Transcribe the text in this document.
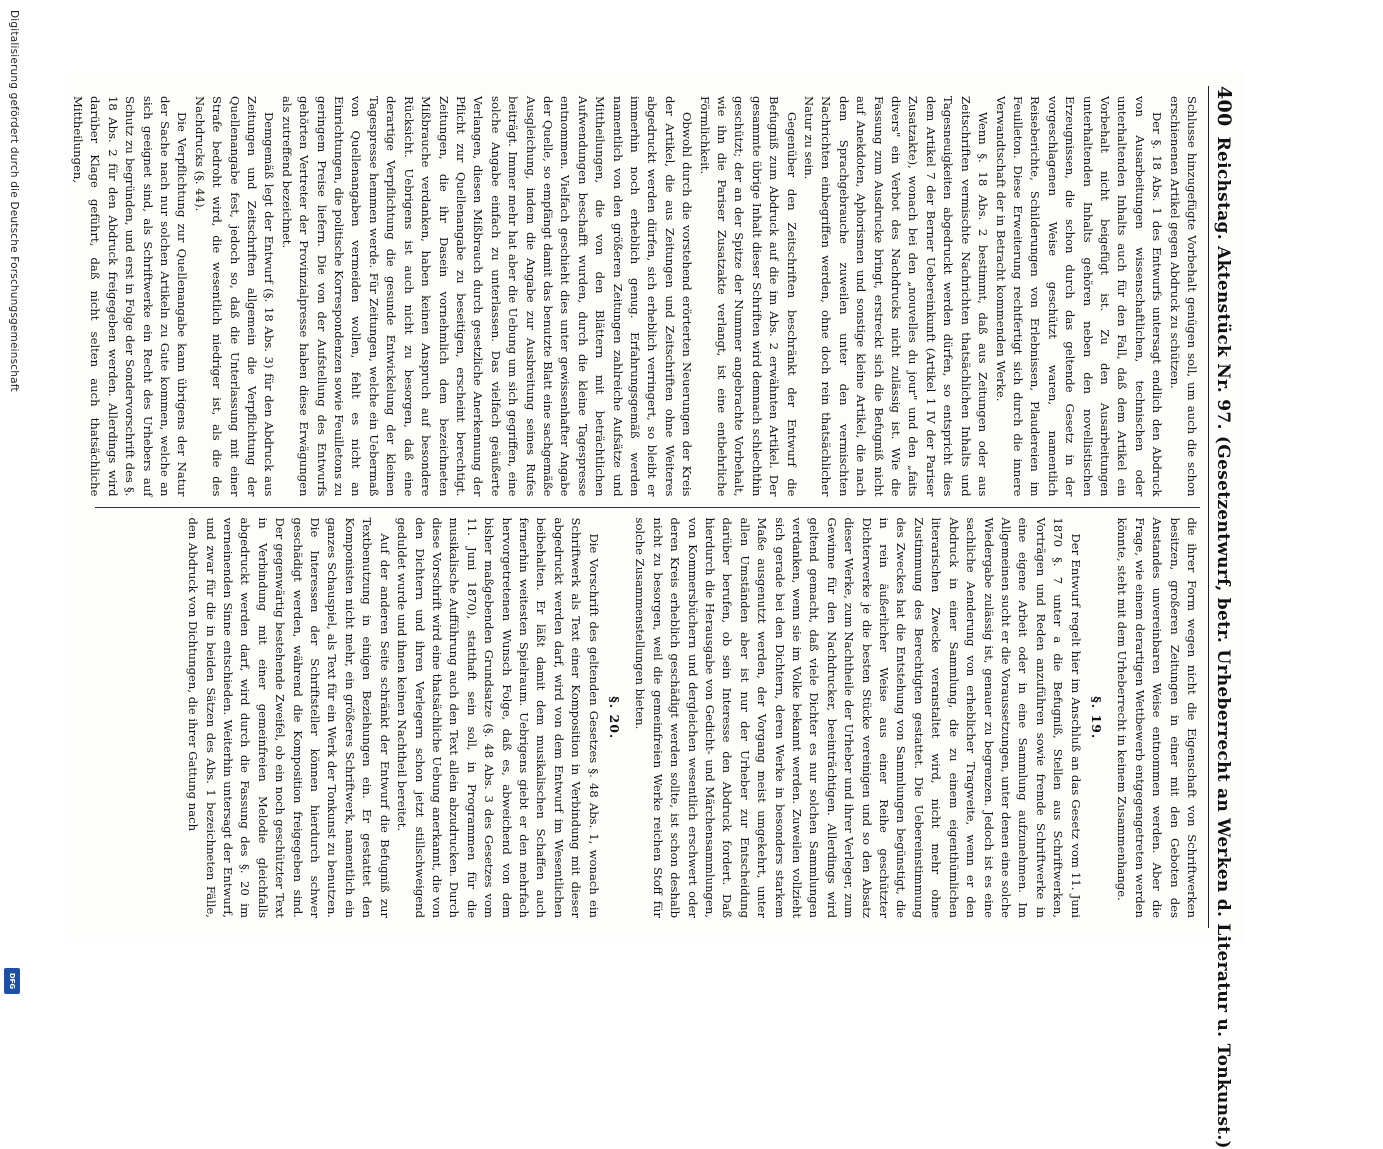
Digitalisierung gefördert durch die Deutsche Forschungsgemeinschaft
DFG
400
Reichstag. Aktenstück Nr. 97. (Gesetzentwurf, betr. Urheberrecht an Werken d. Literatur u. Tonkunst.)

Schlusse hinzugefügte Vorbehalt genügen soll, um auch die schon erschienenen Artikel gegen Abdruck zu schützen.

Der §. 18 Abs. 1 des Entwurfs untersagt endlich den Abdruck von Ausarbeitungen wissenschaftlichen, technischen oder unterhaltenden Inhalts auch für den Fall, daß dem Artikel ein Vorbehalt nicht beigefügt ist. Zu den Ausarbeitungen unterhaltenden Inhalts gehören neben den novellistischen Erzeugnissen, die schon durch das geltende Gesetz in der vorgeschlagenen Weise geschützt waren, namentlich Reiseberichte, Schilderungen von Erlebnissen, Plaudereien im Feuilleton. Diese Erweiterung rechtfertigt sich durch die innere Verwandtschaft der in Betracht kommenden Werke.

Wenn §. 18 Abs. 2 bestimmt, daß aus Zeitungen oder aus Zeitschriften vermischte Nachrichten thatsächlichen Inhalts und Tagesneuigkeiten abgedruckt werden dürfen, so entspricht dies dem Artikel 7 der Berner Uebereinkunft (Artikel 1 IV der Pariser Zusatzakte), wonach bei den „nouvelles du jour" und den „faits divers" ein Verbot des Nachdrucks nicht zulässig ist. Wie die Fassung zum Ausdrucke bringt, erstreckt sich die Befugniß nicht auf Anekdoten, Aphorismen und sonstige kleine Artikel, die nach dem Sprachgebrauche zuweilen unter den vermischten Nachrichten einbegriffen werden, ohne doch rein thatsächlicher Natur zu sein.

Gegenüber den Zeitschriften beschränkt der Entwurf die Befugniß zum Abdruck auf die im Abs. 2 erwähnten Artikel. Der gesammte übrige Inhalt dieser Schriften wird demnach schlechthin geschützt; der an der Spitze der Nummer angebrachte Vorbehalt, wie ihn die Pariser Zusatzakte verlangt, ist eine entbehrliche Förmlichkeit.

Obwohl durch die vorstehend erörterten Neuerungen der Kreis der Artikel, die aus Zeitungen und Zeitschriften ohne Weiteres abgedruckt werden dürfen, sich erheblich verringert, so bleibt er immerhin noch erheblich genug. Erfahrungsgemäß werden namentlich von den größeren Zeitungen zahlreiche Aufsätze und Mittheilungen, die von den Blättern mit beträchtlichen Aufwendungen beschafft wurden, durch die kleine Tagespresse entnommen. Vielfach geschieht dies unter gewissenhafter Angabe der Quelle, so empfängt damit das benutzte Blatt eine sachgemäße Ausgleichung, indem die Angabe zur Ausbreitung seines Rufes beiträgt. Immer mehr hat aber die Uebung um sich gegriffen, eine solche Angabe einfach zu unterlassen. Das vielfach geäußerte Verlangen, diesen Mißbrauch durch gesetzliche Anerkennung der Pflicht zur Quellenangabe zu beseitigen, erscheint berechtigt. Zeitungen, die ihr Dasein vornehmlich dem bezeichneten Mißbrauche verdanken, haben keinen Anspruch auf besondere Rücksicht. Uebrigens ist auch nicht zu besorgen, daß eine derartige Verpflichtung die gesunde Entwickelung der kleinen Tagespresse hemmen werde. Für Zeitungen, welche ein Uebermaß von Quellenangaben vermeiden wollen, fehlt es nicht an Einrichtungen, die politische Korrespondenzen sowie Feuilletons zu geringem Preise liefern. Die von der Aufstellung des Entwurfs gehörten Vertreter der Provinzialpresse haben diese Erwägungen als zutreffend bezeichnet.

Demgemäß legt der Entwurf (§. 18 Abs. 3) für den Abdruck aus Zeitungen und Zeitschriften allgemein die Verpflichtung der Quellenangabe fest, jedoch so, daß die Unterlassung mit einer Strafe bedroht wird, die wesentlich niedriger ist, als die des Nachdrucks (§. 44).

Die Verpflichtung zur Quellenangabe kann übrigens der Natur der Sache nach nur solchen Artikeln zu Gute kommen, welche an sich geeignet sind, als Schriftwerke ein Recht des Urhebers auf Schutz zu begründen, und erst in Folge der Sondervorschrift des §. 18 Abs. 2 für den Abdruck freigegeben werden. Allerdings wird darüber Klage geführt, daß nicht selten auch thatsächliche Mittheilungen,

die ihrer Form wegen nicht die Eigenschaft von Schriftwerken besitzen, großeren Zeitungen in einer mit den Geboten des Anstandes unvereinbaren Weise entnommen werden. Aber die Frage, wie einem derartigen Wettbewerb entgegengetreten werden könnte, steht mit dem Urheberrecht in keinem Zusammenhange.

§. 19.

Der Entwurf regelt hier im Anschluß an das Gesetz vom 11. Juni 1870 §. 7 unter a die Befugniß, Stellen aus Schriftwerken, Vorträgen und Reden anzuführen sowie fremde Schriftwerke in eine eigene Arbeit oder in eine Sammlung aufzunehmen. Im Allgemeinen sucht er die Voraussetzungen, unter denen eine solche Wiedergabe zulässig ist, genauer zu begrenzen. Jedoch ist es eine sachliche Aenderung von erheblicher Tragweite, wenn er den Abdruck in einer Sammlung, die zu einem eigenthümlichen literarischen Zwecke veranstaltet wird, nicht mehr ohne Zustimmung des Berechtigten gestattet. Die Uebereinstimmung des Zweckes hat die Entstehung von Sammlungen begünstigt, die in rein äußerlicher Weise aus einer Reihe geschützter Dichterwerke je die besten Stücke vereinigen und so den Absatz dieser Werke, zum Nachtheile der Urheber und ihrer Verleger, zum Gewinne für den Nachdrucker, beeinträchtigen. Allerdings wird geltend gemacht, daß viele Dichter es nur solchen Sammlungen verdanken, wenn sie im Volke bekannt werden. Zuweilen vollzieht sich gerade bei den Dichtern, deren Werke in besonders starkem Maße ausgenutzt werden, der Vorgang meist umgekehrt, unter allen Umständen aber ist nur der Urheber zur Entscheidung darüber berufen, ob sein Interesse den Abdruck fordert. Daß hierdurch die Herausgabe von Gedicht- und Märchensammlungen, von Kommersbüchern und dergleichen wesentlich erschwert oder deren Kreis erheblich geschädigt werden sollte, ist schon deshalb nicht zu besorgen, weil die gemeinfreien Werke reichen Stoff für solche Zusammenstellungen bieten.

§. 20.

Die Vorschrift des geltenden Gesetzes §. 48 Abs. 1, wonach ein Schriftwerk als Text einer Komposition in Verbindung mit dieser abgedruckt werden darf, wird von dem Entwurf im Wesentlichen beibehalten. Er läßt damit dem musikalischen Schaffen auch fernerhin weitesten Spielraum. Uebrigens giebt er den mehrfach hervorgetretenen Wunsch Folge, daß es, abweichend von dem bisher maßgebenden Grundsatze (§. 48 Abs. 3 des Gesetzes vom 11. Juni 1870), statthaft sein soll, in Programmen für die musikalische Aufführung auch den Text allein abzudrucken. Durch diese Vorschrift wird eine thatsächliche Uebung anerkannt, die von den Dichtern und ihren Verlegern schon jetzt stillschweigend geduldet wurde und ihnen keinen Nachtheil bereitet.

Auf der anderen Seite schränkt der Entwurf die Befugniß zur Textbenutzung in einigen Beziehungen ein. Er gestattet den Komponisten nicht mehr, ein größeres Schriftwerk, namentlich ein ganzes Schauspiel, als Text für ein Werk der Tonkunst zu benutzen. Die Interessen der Schriftsteller können hierdurch schwer geschädigt werden, während die Komposition freigegeben sind. Der gegenwärtig bestehende Zweifel, ob ein noch geschützter Text in Verbindung mit einer gemeinfreien Melodie gleichfalls abgedruckt werden darf, wird durch die Fassung des §. 20 im verneinenden Sinne entschieden. Weiterhin untersagt der Entwurf, und zwar für die in beiden Sätzen des Abs. 1 bezeichneten Fälle, den Abdruck von Dichtungen, die ihrer Gattung nach
